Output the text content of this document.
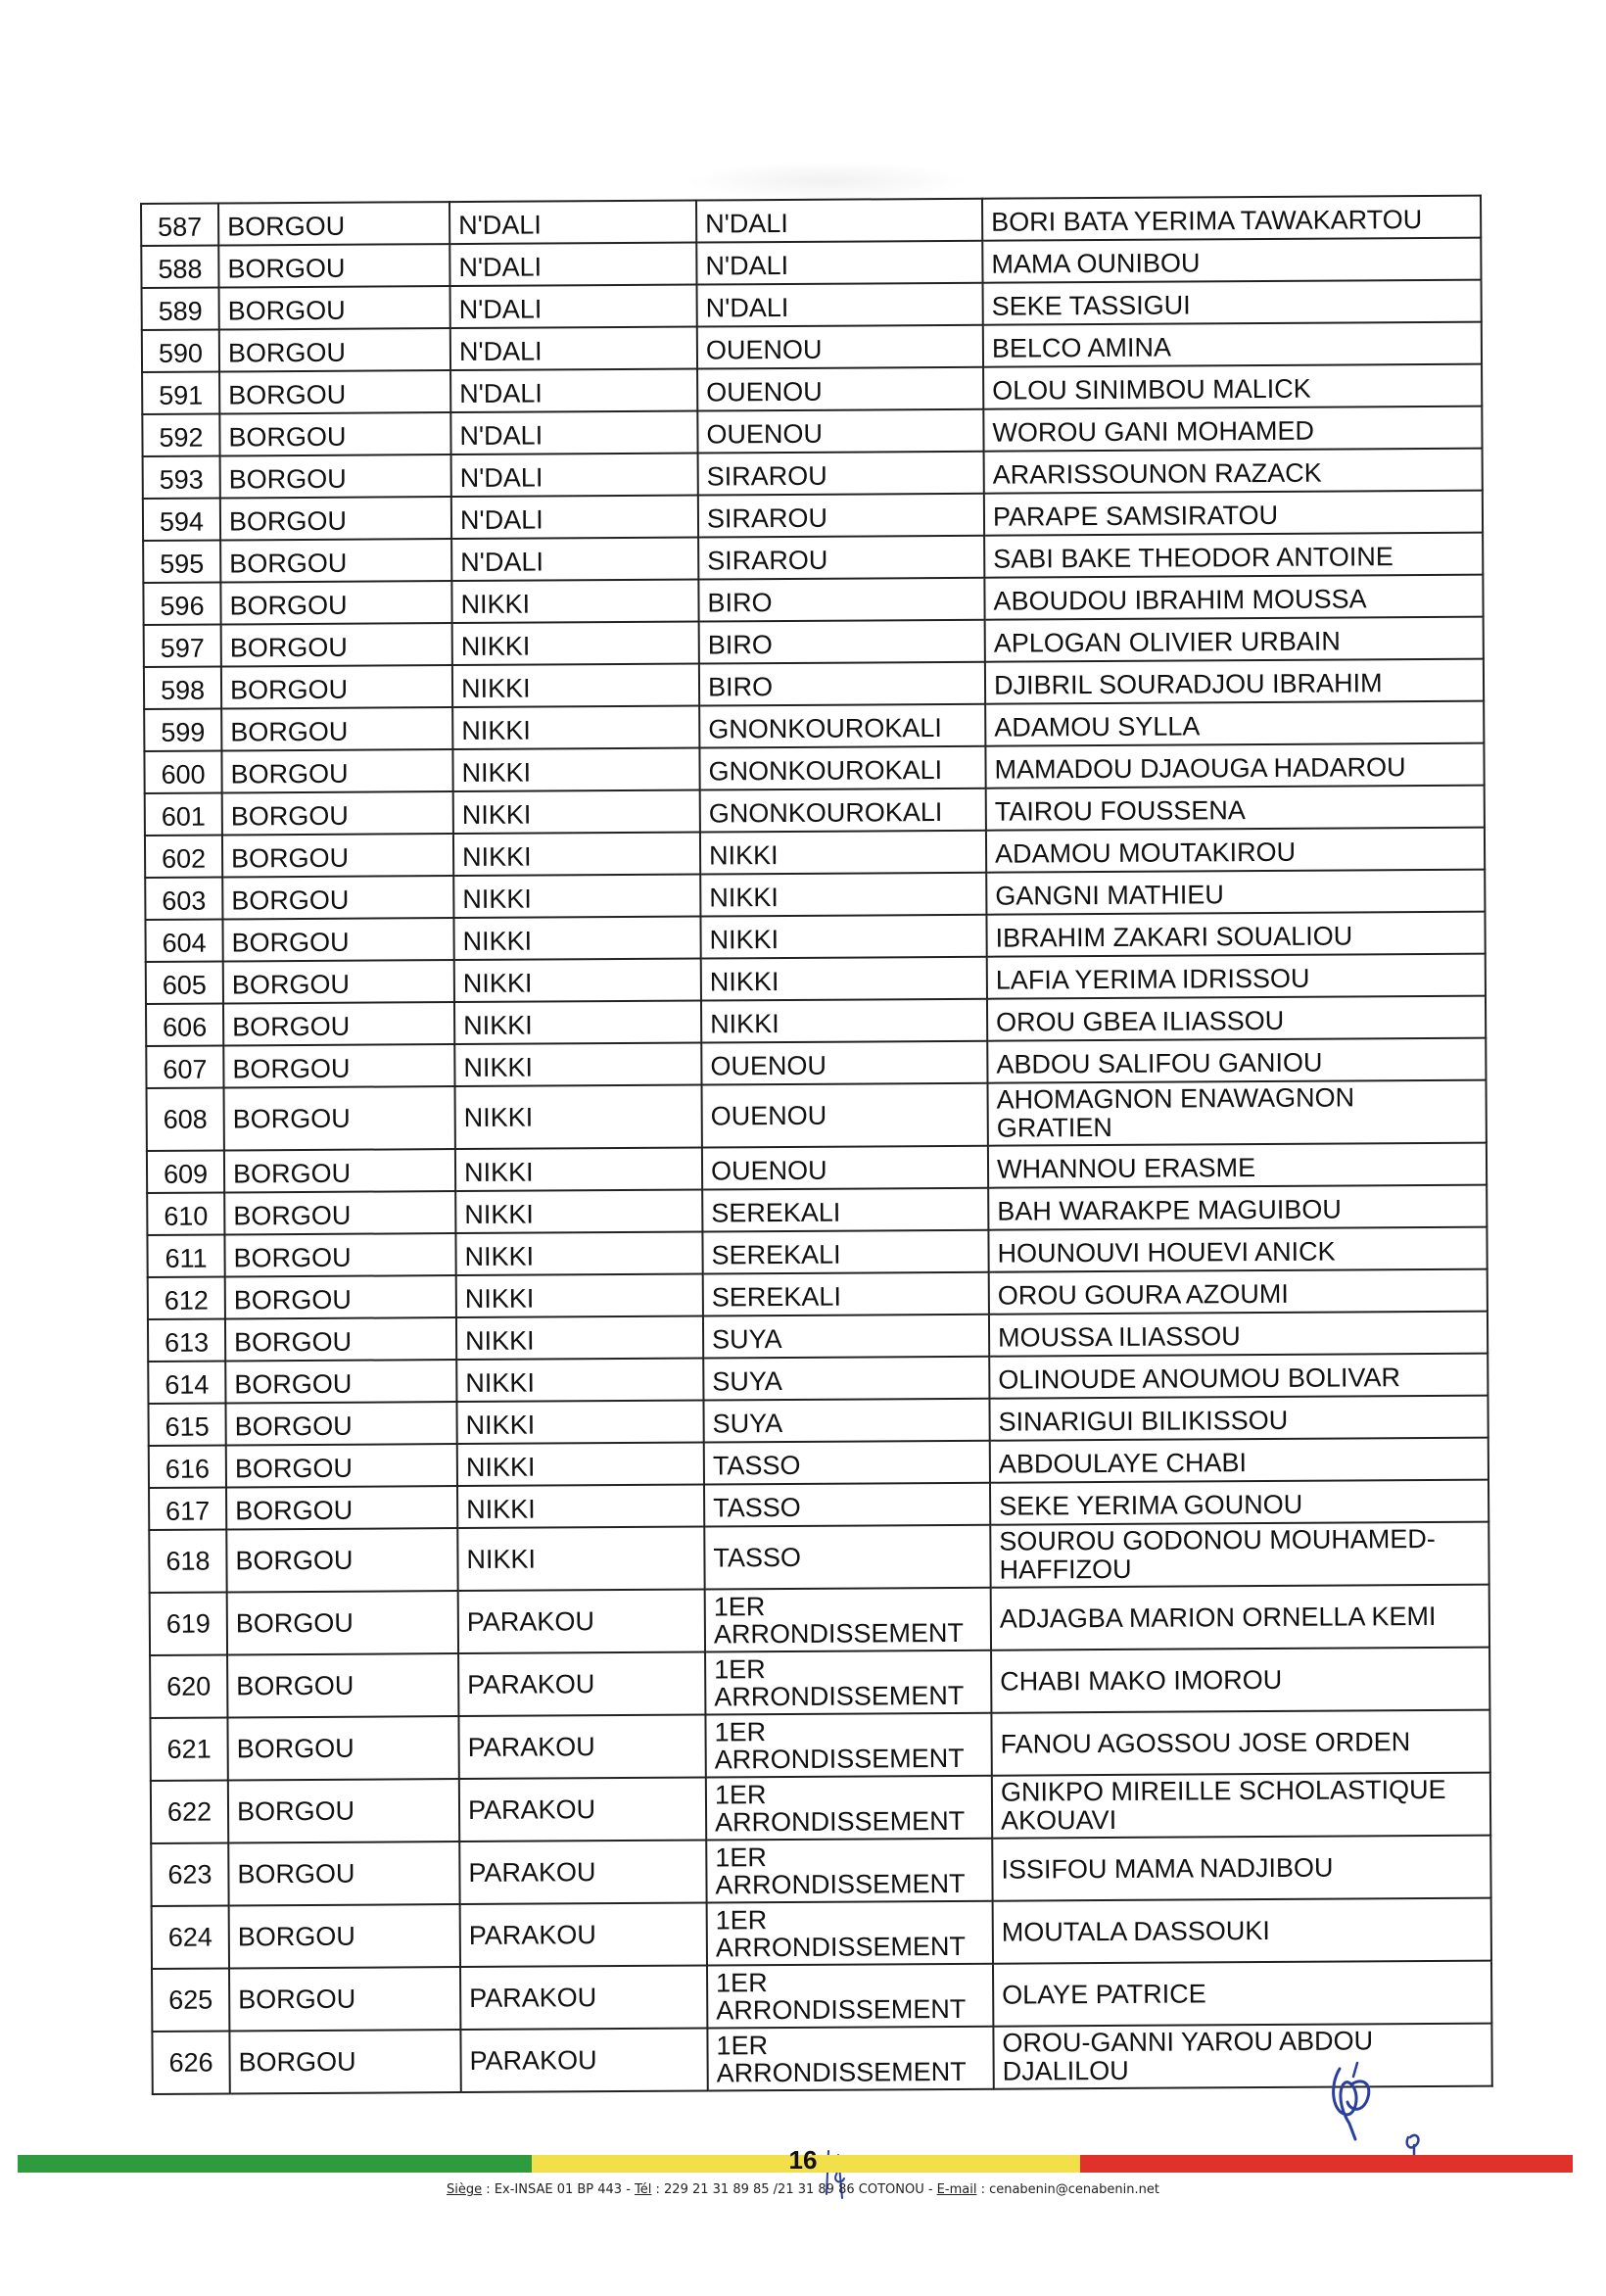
587	BORGOU	N'DALI	N'DALI	BORI BATA YERIMA TAWAKARTOU
588	BORGOU	N'DALI	N'DALI	MAMA OUNIBOU
589	BORGOU	N'DALI	N'DALI	SEKE TASSIGUI
590	BORGOU	N'DALI	OUENOU	BELCO AMINA
591	BORGOU	N'DALI	OUENOU	OLOU SINIMBOU MALICK
592	BORGOU	N'DALI	OUENOU	WOROU GANI MOHAMED
593	BORGOU	N'DALI	SIRAROU	ARARISSOUNON RAZACK
594	BORGOU	N'DALI	SIRAROU	PARAPE SAMSIRATOU
595	BORGOU	N'DALI	SIRAROU	SABI BAKE THEODOR ANTOINE
596	BORGOU	NIKKI	BIRO	ABOUDOU IBRAHIM MOUSSA
597	BORGOU	NIKKI	BIRO	APLOGAN OLIVIER URBAIN
598	BORGOU	NIKKI	BIRO	DJIBRIL SOURADJOU IBRAHIM
599	BORGOU	NIKKI	GNONKOUROKALI	ADAMOU SYLLA
600	BORGOU	NIKKI	GNONKOUROKALI	MAMADOU DJAOUGA HADAROU
601	BORGOU	NIKKI	GNONKOUROKALI	TAIROU FOUSSENA
602	BORGOU	NIKKI	NIKKI	ADAMOU MOUTAKIROU
603	BORGOU	NIKKI	NIKKI	GANGNI MATHIEU
604	BORGOU	NIKKI	NIKKI	IBRAHIM ZAKARI SOUALIOU
605	BORGOU	NIKKI	NIKKI	LAFIA YERIMA IDRISSOU
606	BORGOU	NIKKI	NIKKI	OROU GBEA ILIASSOU
607	BORGOU	NIKKI	OUENOU	ABDOU SALIFOU GANIOU
608	BORGOU	NIKKI	OUENOU	AHOMAGNON ENAWAGNON GRATIEN
609	BORGOU	NIKKI	OUENOU	WHANNOU ERASME
610	BORGOU	NIKKI	SEREKALI	BAH WARAKPE MAGUIBOU
611	BORGOU	NIKKI	SEREKALI	HOUNOUVI HOUEVI ANICK
612	BORGOU	NIKKI	SEREKALI	OROU GOURA AZOUMI
613	BORGOU	NIKKI	SUYA	MOUSSA ILIASSOU
614	BORGOU	NIKKI	SUYA	OLINOUDE ANOUMOU BOLIVAR
615	BORGOU	NIKKI	SUYA	SINARIGUI BILIKISSOU
616	BORGOU	NIKKI	TASSO	ABDOULAYE CHABI
617	BORGOU	NIKKI	TASSO	SEKE YERIMA GOUNOU
618	BORGOU	NIKKI	TASSO	SOUROU GODONOU MOUHAMED-HAFFIZOU
619	BORGOU	PARAKOU	1ER ARRONDISSEMENT	ADJAGBA MARION ORNELLA KEMI
620	BORGOU	PARAKOU	1ER ARRONDISSEMENT	CHABI MAKO IMOROU
621	BORGOU	PARAKOU	1ER ARRONDISSEMENT	FANOU AGOSSOU JOSE ORDEN
622	BORGOU	PARAKOU	1ER ARRONDISSEMENT	GNIKPO MIREILLE SCHOLASTIQUE AKOUAVI
623	BORGOU	PARAKOU	1ER ARRONDISSEMENT	ISSIFOU MAMA NADJIBOU
624	BORGOU	PARAKOU	1ER ARRONDISSEMENT	MOUTALA DASSOUKI
625	BORGOU	PARAKOU	1ER ARRONDISSEMENT	OLAYE PATRICE
626	BORGOU	PARAKOU	1ER ARRONDISSEMENT	OROU-GANNI YAROU ABDOU DJALILOU
16
Siège : Ex-INSAE 01 BP 443 - Tél : 229 21 31 89 85 /21 31 89 86 COTONOU - E-mail : cenabenin@cenabenin.net
